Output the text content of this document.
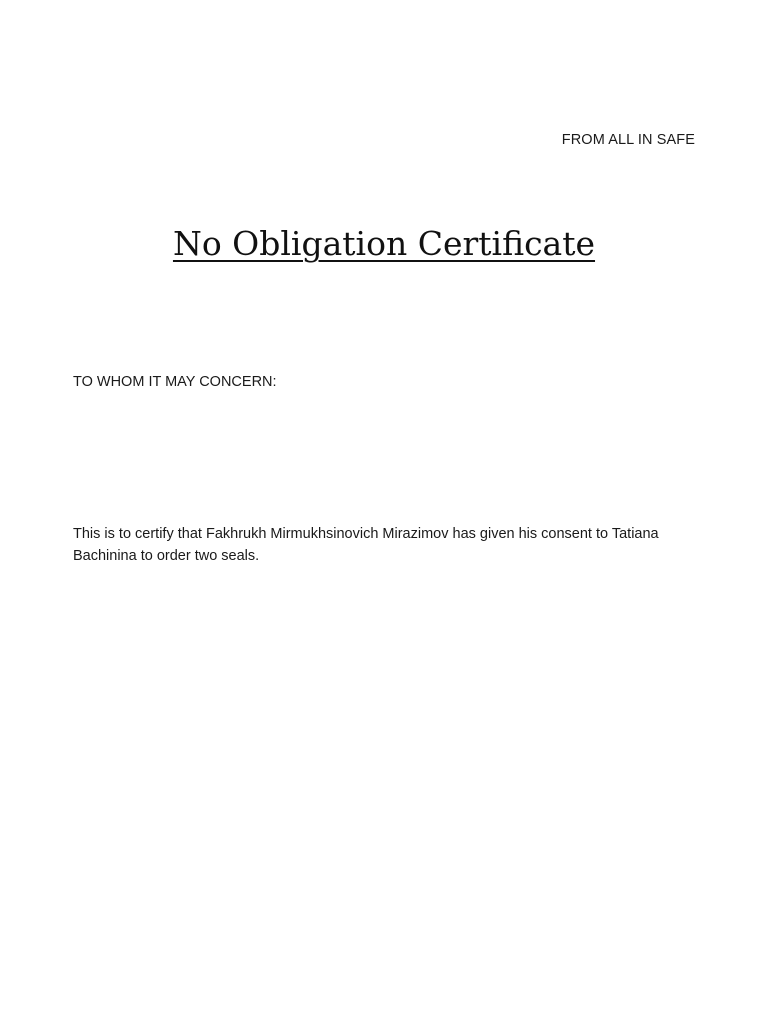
FROM ALL IN SAFE
No Obligation Certificate
TO WHOM IT MAY CONCERN:
This is to certify that Fakhrukh Mirmukhsinovich Mirazimov has given his consent to Tatiana Bachinina to order two seals.
